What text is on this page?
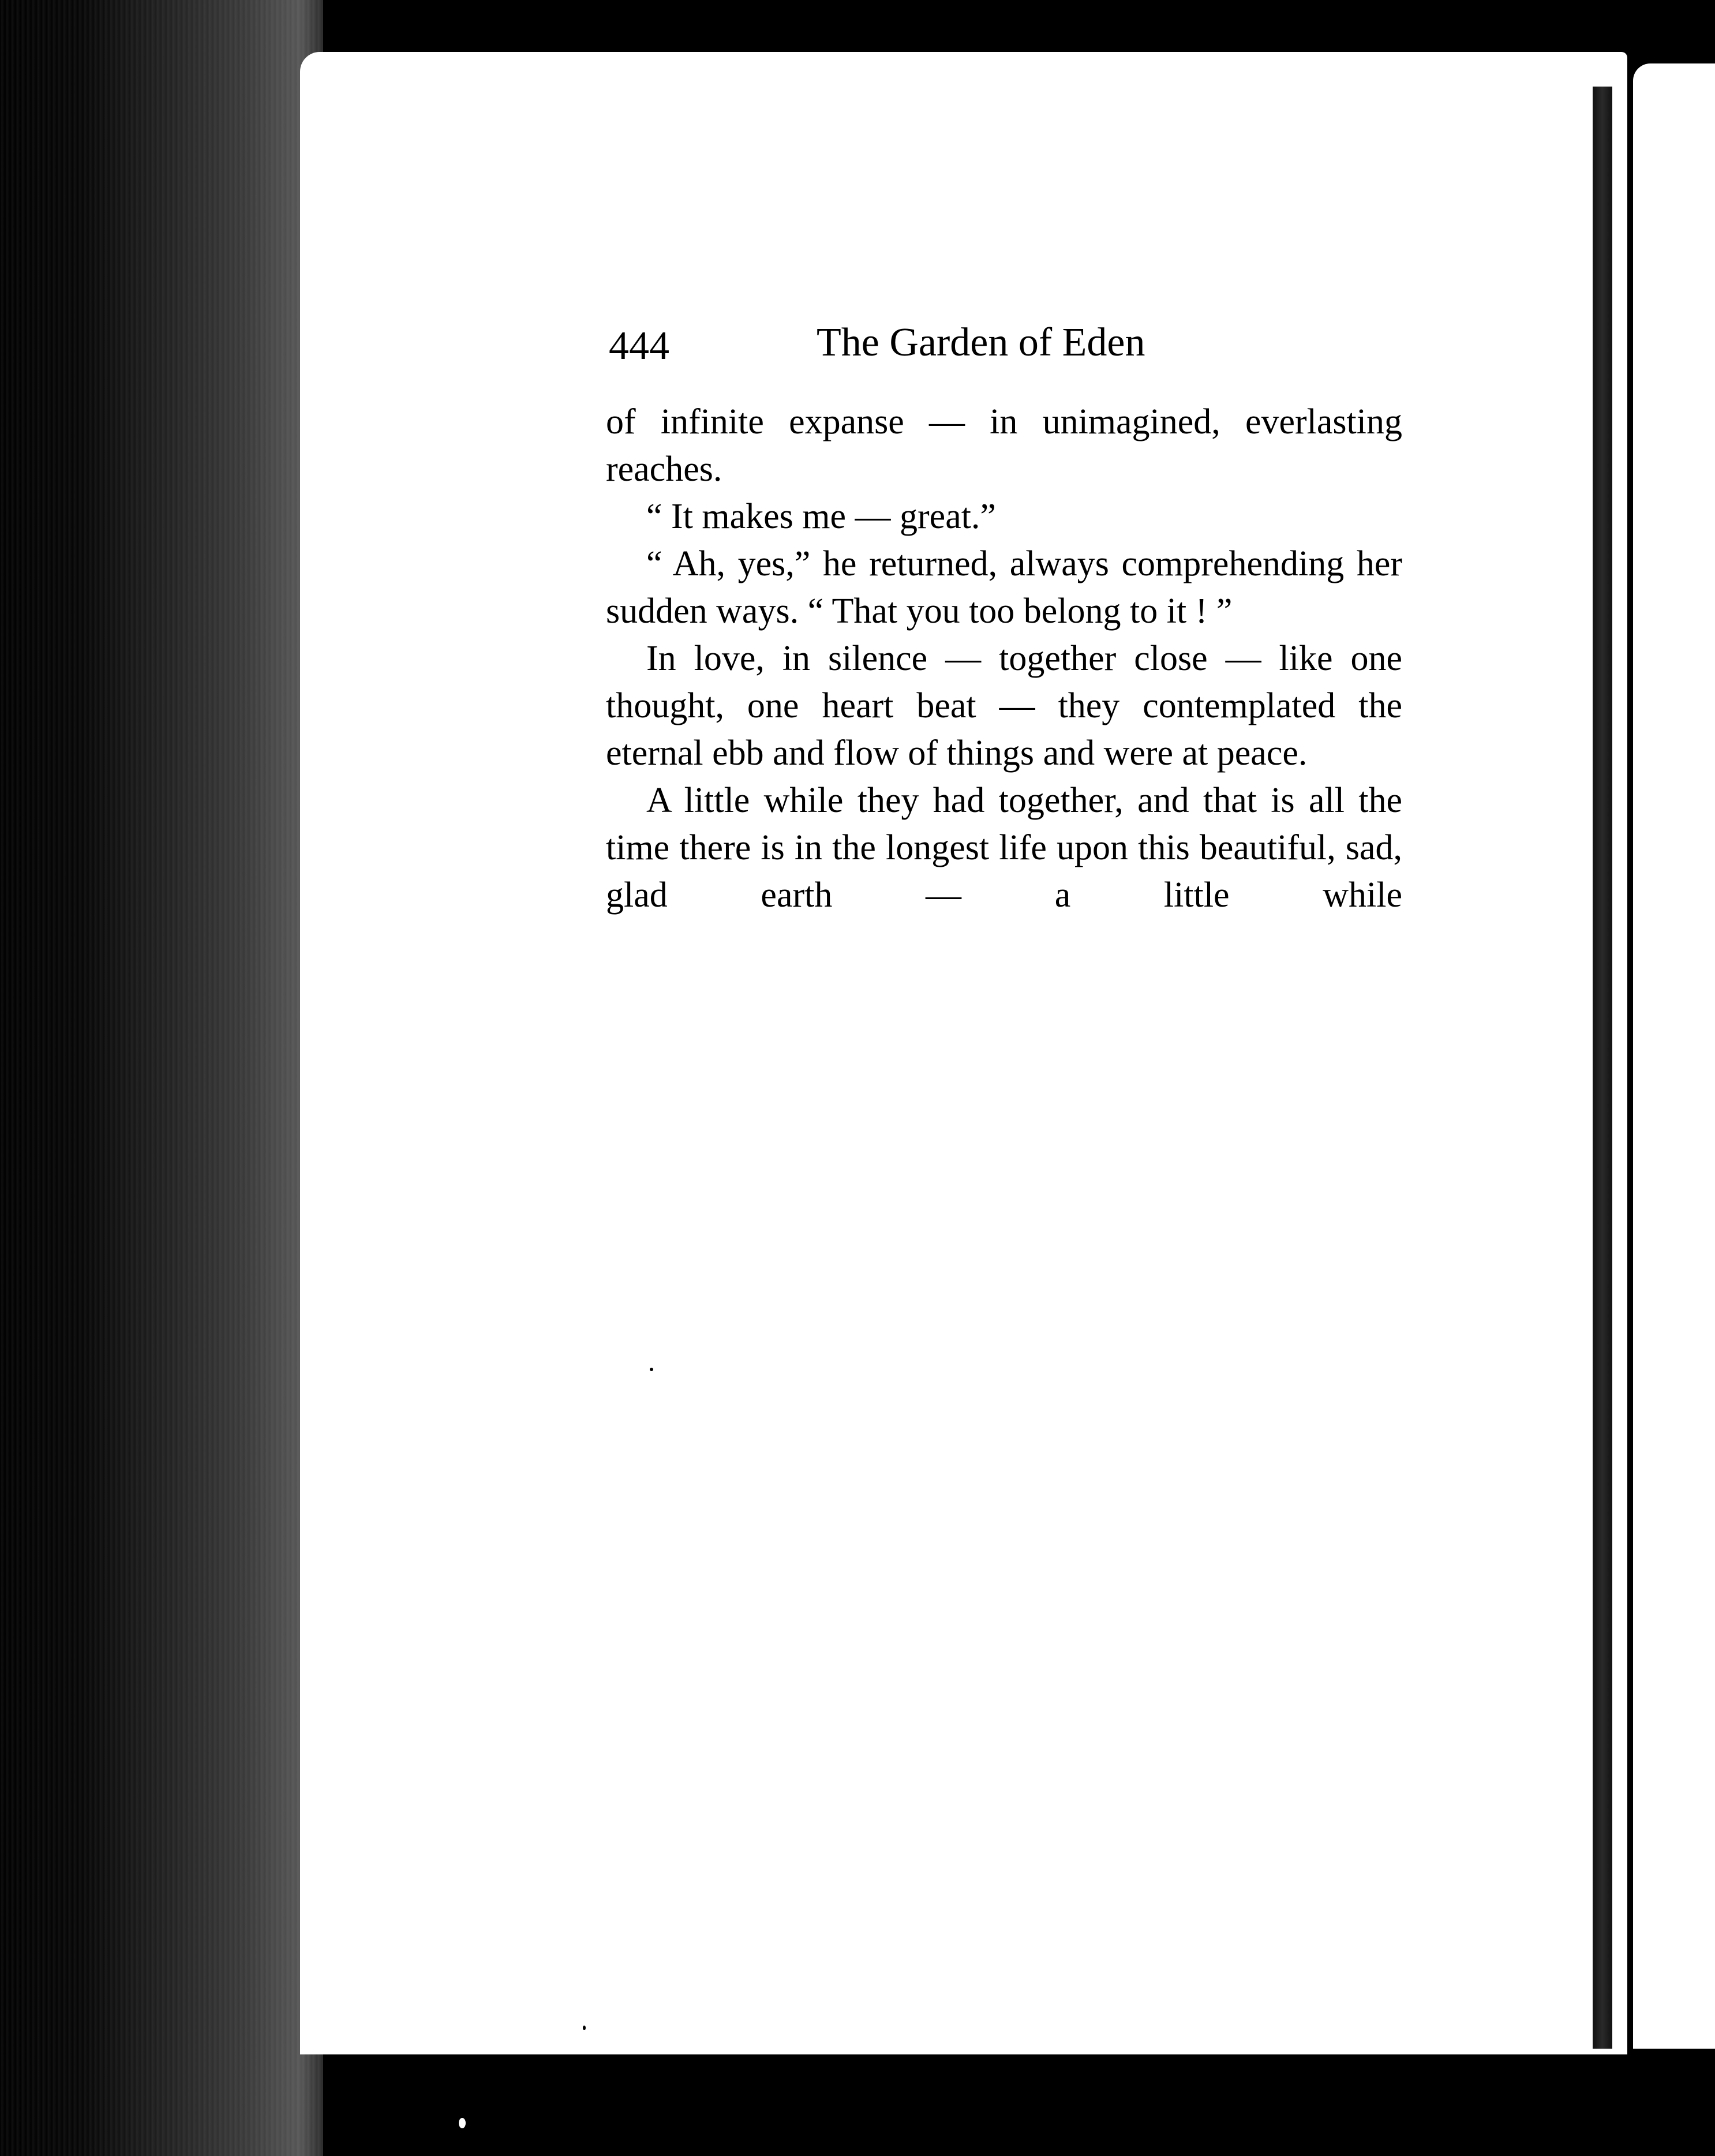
444	The Garden of Eden

of infinite expanse — in unimagined, everlasting reaches.

“ It makes me — great.”

“ Ah, yes,” he returned, always comprehending her sudden ways. “ That you too belong to it ! ”

In love, in silence — together close — like one thought, one heart beat — they contemplated the eternal ebb and flow of things and were at peace.

A little while they had together, and that is all the time there is in the longest life upon this beautiful, sad, glad earth — a little while
